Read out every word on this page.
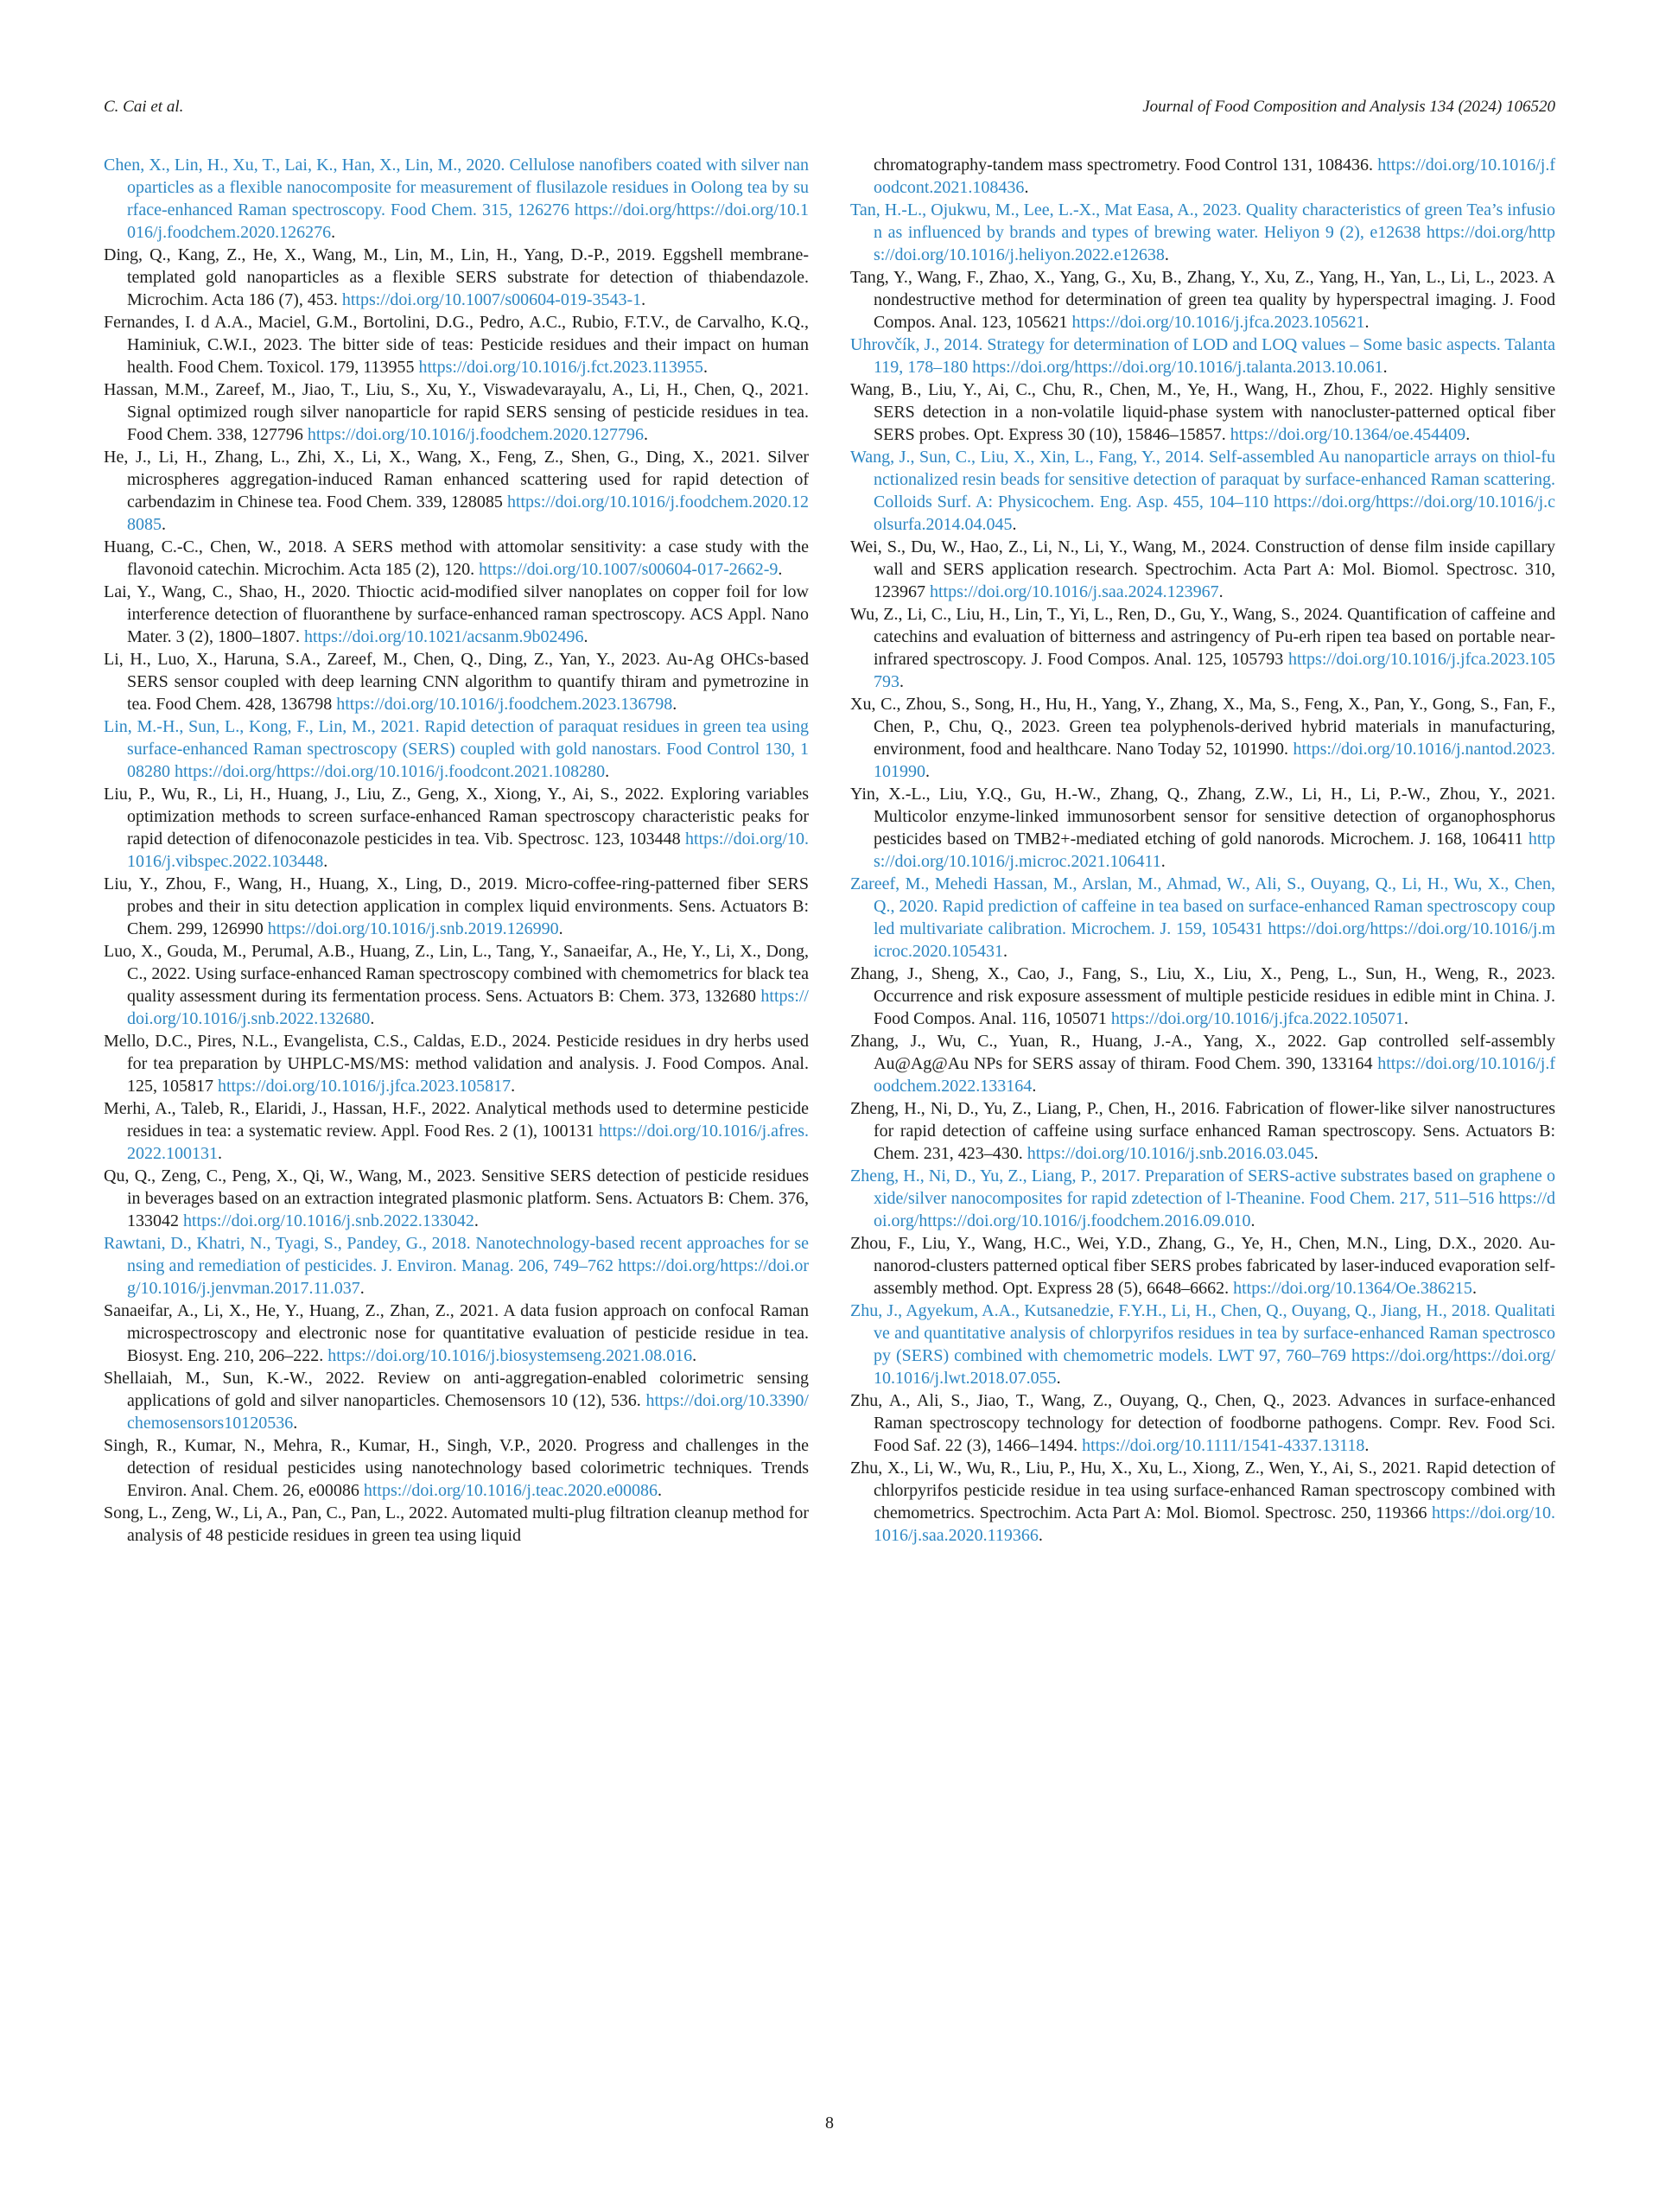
C. Cai et al.	Journal of Food Composition and Analysis 134 (2024) 106520

Chen, X., Lin, H., Xu, T., Lai, K., Han, X., Lin, M., 2020. Cellulose nanofibers coated with silver nanoparticles as a flexible nanocomposite for measurement of flusilazole residues in Oolong tea by surface-enhanced Raman spectroscopy. Food Chem. 315, 126276 https://doi.org/https://doi.org/10.1016/j.foodchem.2020.126276.

Ding, Q., Kang, Z., He, X., Wang, M., Lin, M., Lin, H., Yang, D.-P., 2019. Eggshell membrane-templated gold nanoparticles as a flexible SERS substrate for detection of thiabendazole. Microchim. Acta 186 (7), 453. https://doi.org/10.1007/s00604-019-3543-1.

Fernandes, I. d A.A., Maciel, G.M., Bortolini, D.G., Pedro, A.C., Rubio, F.T.V., de Carvalho, K.Q., Haminiuk, C.W.I., 2023. The bitter side of teas: Pesticide residues and their impact on human health. Food Chem. Toxicol. 179, 113955 https://doi.org/10.1016/j.fct.2023.113955.

Hassan, M.M., Zareef, M., Jiao, T., Liu, S., Xu, Y., Viswadevarayalu, A., Li, H., Chen, Q., 2021. Signal optimized rough silver nanoparticle for rapid SERS sensing of pesticide residues in tea. Food Chem. 338, 127796 https://doi.org/10.1016/j.foodchem.2020.127796.

He, J., Li, H., Zhang, L., Zhi, X., Li, X., Wang, X., Feng, Z., Shen, G., Ding, X., 2021. Silver microspheres aggregation-induced Raman enhanced scattering used for rapid detection of carbendazim in Chinese tea. Food Chem. 339, 128085 https://doi.org/10.1016/j.foodchem.2020.128085.

Huang, C.-C., Chen, W., 2018. A SERS method with attomolar sensitivity: a case study with the flavonoid catechin. Microchim. Acta 185 (2), 120. https://doi.org/10.1007/s00604-017-2662-9.

Lai, Y., Wang, C., Shao, H., 2020. Thioctic acid-modified silver nanoplates on copper foil for low interference detection of fluoranthene by surface-enhanced raman spectroscopy. ACS Appl. Nano Mater. 3 (2), 1800–1807. https://doi.org/10.1021/acsanm.9b02496.

Li, H., Luo, X., Haruna, S.A., Zareef, M., Chen, Q., Ding, Z., Yan, Y., 2023. Au-Ag OHCs-based SERS sensor coupled with deep learning CNN algorithm to quantify thiram and pymetrozine in tea. Food Chem. 428, 136798 https://doi.org/10.1016/j.foodchem.2023.136798.

Lin, M.-H., Sun, L., Kong, F., Lin, M., 2021. Rapid detection of paraquat residues in green tea using surface-enhanced Raman spectroscopy (SERS) coupled with gold nanostars. Food Control 130, 108280 https://doi.org/https://doi.org/10.1016/j.foodcont.2021.108280.

Liu, P., Wu, R., Li, H., Huang, J., Liu, Z., Geng, X., Xiong, Y., Ai, S., 2022. Exploring variables optimization methods to screen surface-enhanced Raman spectroscopy characteristic peaks for rapid detection of difenoconazole pesticides in tea. Vib. Spectrosc. 123, 103448 https://doi.org/10.1016/j.vibspec.2022.103448.

Liu, Y., Zhou, F., Wang, H., Huang, X., Ling, D., 2019. Micro-coffee-ring-patterned fiber SERS probes and their in situ detection application in complex liquid environments. Sens. Actuators B: Chem. 299, 126990 https://doi.org/10.1016/j.snb.2019.126990.

Luo, X., Gouda, M., Perumal, A.B., Huang, Z., Lin, L., Tang, Y., Sanaeifar, A., He, Y., Li, X., Dong, C., 2022. Using surface-enhanced Raman spectroscopy combined with chemometrics for black tea quality assessment during its fermentation process. Sens. Actuators B: Chem. 373, 132680 https://doi.org/10.1016/j.snb.2022.132680.

Mello, D.C., Pires, N.L., Evangelista, C.S., Caldas, E.D., 2024. Pesticide residues in dry herbs used for tea preparation by UHPLC-MS/MS: method validation and analysis. J. Food Compos. Anal. 125, 105817 https://doi.org/10.1016/j.jfca.2023.105817.

Merhi, A., Taleb, R., Elaridi, J., Hassan, H.F., 2022. Analytical methods used to determine pesticide residues in tea: a systematic review. Appl. Food Res. 2 (1), 100131 https://doi.org/10.1016/j.afres.2022.100131.

Qu, Q., Zeng, C., Peng, X., Qi, W., Wang, M., 2023. Sensitive SERS detection of pesticide residues in beverages based on an extraction integrated plasmonic platform. Sens. Actuators B: Chem. 376, 133042 https://doi.org/10.1016/j.snb.2022.133042.

Rawtani, D., Khatri, N., Tyagi, S., Pandey, G., 2018. Nanotechnology-based recent approaches for sensing and remediation of pesticides. J. Environ. Manag. 206, 749–762 https://doi.org/https://doi.org/10.1016/j.jenvman.2017.11.037.

Sanaeifar, A., Li, X., He, Y., Huang, Z., Zhan, Z., 2021. A data fusion approach on confocal Raman microspectroscopy and electronic nose for quantitative evaluation of pesticide residue in tea. Biosyst. Eng. 210, 206–222. https://doi.org/10.1016/j.biosystemseng.2021.08.016.

Shellaiah, M., Sun, K.-W., 2022. Review on anti-aggregation-enabled colorimetric sensing applications of gold and silver nanoparticles. Chemosensors 10 (12), 536. https://doi.org/10.3390/chemosensors10120536.

Singh, R., Kumar, N., Mehra, R., Kumar, H., Singh, V.P., 2020. Progress and challenges in the detection of residual pesticides using nanotechnology based colorimetric techniques. Trends Environ. Anal. Chem. 26, e00086 https://doi.org/10.1016/j.teac.2020.e00086.

Song, L., Zeng, W., Li, A., Pan, C., Pan, L., 2022. Automated multi-plug filtration cleanup method for analysis of 48 pesticide residues in green tea using liquid

chromatography-tandem mass spectrometry. Food Control 131, 108436. https://doi.org/10.1016/j.foodcont.2021.108436.

Tan, H.-L., Ojukwu, M., Lee, L.-X., Mat Easa, A., 2023. Quality characteristics of green Tea’s infusion as influenced by brands and types of brewing water. Heliyon 9 (2), e12638 https://doi.org/https://doi.org/10.1016/j.heliyon.2022.e12638.

Tang, Y., Wang, F., Zhao, X., Yang, G., Xu, B., Zhang, Y., Xu, Z., Yang, H., Yan, L., Li, L., 2023. A nondestructive method for determination of green tea quality by hyperspectral imaging. J. Food Compos. Anal. 123, 105621 https://doi.org/10.1016/j.jfca.2023.105621.

Uhrovčík, J., 2014. Strategy for determination of LOD and LOQ values – Some basic aspects. Talanta 119, 178–180 https://doi.org/https://doi.org/10.1016/j.talanta.2013.10.061.

Wang, B., Liu, Y., Ai, C., Chu, R., Chen, M., Ye, H., Wang, H., Zhou, F., 2022. Highly sensitive SERS detection in a non-volatile liquid-phase system with nanocluster-patterned optical fiber SERS probes. Opt. Express 30 (10), 15846–15857. https://doi.org/10.1364/oe.454409.

Wang, J., Sun, C., Liu, X., Xin, L., Fang, Y., 2014. Self-assembled Au nanoparticle arrays on thiol-functionalized resin beads for sensitive detection of paraquat by surface-enhanced Raman scattering. Colloids Surf. A: Physicochem. Eng. Asp. 455, 104–110 https://doi.org/https://doi.org/10.1016/j.colsurfa.2014.04.045.

Wei, S., Du, W., Hao, Z., Li, N., Li, Y., Wang, M., 2024. Construction of dense film inside capillary wall and SERS application research. Spectrochim. Acta Part A: Mol. Biomol. Spectrosc. 310, 123967 https://doi.org/10.1016/j.saa.2024.123967.

Wu, Z., Li, C., Liu, H., Lin, T., Yi, L., Ren, D., Gu, Y., Wang, S., 2024. Quantification of caffeine and catechins and evaluation of bitterness and astringency of Pu-erh ripen tea based on portable near-infrared spectroscopy. J. Food Compos. Anal. 125, 105793 https://doi.org/10.1016/j.jfca.2023.105793.

Xu, C., Zhou, S., Song, H., Hu, H., Yang, Y., Zhang, X., Ma, S., Feng, X., Pan, Y., Gong, S., Fan, F., Chen, P., Chu, Q., 2023. Green tea polyphenols-derived hybrid materials in manufacturing, environment, food and healthcare. Nano Today 52, 101990. https://doi.org/10.1016/j.nantod.2023.101990.

Yin, X.-L., Liu, Y.Q., Gu, H.-W., Zhang, Q., Zhang, Z.W., Li, H., Li, P.-W., Zhou, Y., 2021. Multicolor enzyme-linked immunosorbent sensor for sensitive detection of organophosphorus pesticides based on TMB2+-mediated etching of gold nanorods. Microchem. J. 168, 106411 https://doi.org/10.1016/j.microc.2021.106411.

Zareef, M., Mehedi Hassan, M., Arslan, M., Ahmad, W., Ali, S., Ouyang, Q., Li, H., Wu, X., Chen, Q., 2020. Rapid prediction of caffeine in tea based on surface-enhanced Raman spectroscopy coupled multivariate calibration. Microchem. J. 159, 105431 https://doi.org/https://doi.org/10.1016/j.microc.2020.105431.

Zhang, J., Sheng, X., Cao, J., Fang, S., Liu, X., Liu, X., Peng, L., Sun, H., Weng, R., 2023. Occurrence and risk exposure assessment of multiple pesticide residues in edible mint in China. J. Food Compos. Anal. 116, 105071 https://doi.org/10.1016/j.jfca.2022.105071.

Zhang, J., Wu, C., Yuan, R., Huang, J.-A., Yang, X., 2022. Gap controlled self-assembly Au@Ag@Au NPs for SERS assay of thiram. Food Chem. 390, 133164 https://doi.org/10.1016/j.foodchem.2022.133164.

Zheng, H., Ni, D., Yu, Z., Liang, P., Chen, H., 2016. Fabrication of flower-like silver nanostructures for rapid detection of caffeine using surface enhanced Raman spectroscopy. Sens. Actuators B: Chem. 231, 423–430. https://doi.org/10.1016/j.snb.2016.03.045.

Zheng, H., Ni, D., Yu, Z., Liang, P., 2017. Preparation of SERS-active substrates based on graphene oxide/silver nanocomposites for rapid zdetection of l-Theanine. Food Chem. 217, 511–516 https://doi.org/https://doi.org/10.1016/j.foodchem.2016.09.010.

Zhou, F., Liu, Y., Wang, H.C., Wei, Y.D., Zhang, G., Ye, H., Chen, M.N., Ling, D.X., 2020. Au-nanorod-clusters patterned optical fiber SERS probes fabricated by laser-induced evaporation self-assembly method. Opt. Express 28 (5), 6648–6662. https://doi.org/10.1364/Oe.386215.

Zhu, J., Agyekum, A.A., Kutsanedzie, F.Y.H., Li, H., Chen, Q., Ouyang, Q., Jiang, H., 2018. Qualitative and quantitative analysis of chlorpyrifos residues in tea by surface-enhanced Raman spectroscopy (SERS) combined with chemometric models. LWT 97, 760–769 https://doi.org/https://doi.org/10.1016/j.lwt.2018.07.055.

Zhu, A., Ali, S., Jiao, T., Wang, Z., Ouyang, Q., Chen, Q., 2023. Advances in surface-enhanced Raman spectroscopy technology for detection of foodborne pathogens. Compr. Rev. Food Sci. Food Saf. 22 (3), 1466–1494. https://doi.org/10.1111/1541-4337.13118.

Zhu, X., Li, W., Wu, R., Liu, P., Hu, X., Xu, L., Xiong, Z., Wen, Y., Ai, S., 2021. Rapid detection of chlorpyrifos pesticide residue in tea using surface-enhanced Raman spectroscopy combined with chemometrics. Spectrochim. Acta Part A: Mol. Biomol. Spectrosc. 250, 119366 https://doi.org/10.1016/j.saa.2020.119366.

8
